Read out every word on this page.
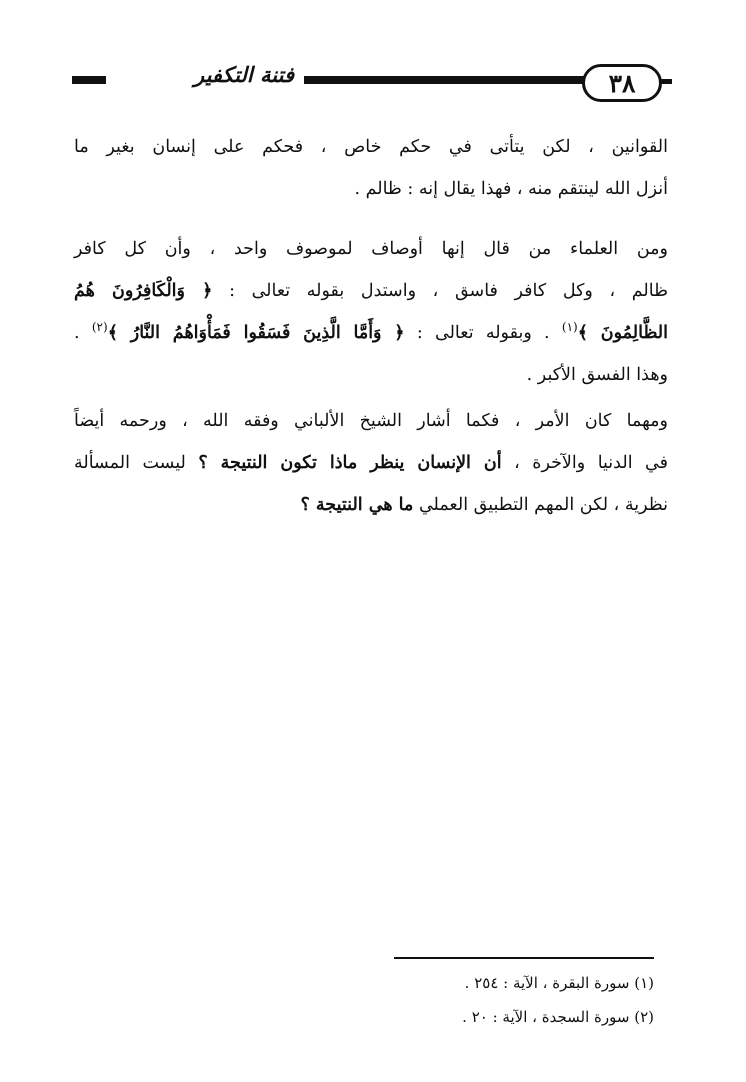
٣٨
فتنة التكفير
القوانين ، لكن يتأتى في حكم خاص ، فحكم على إنسان بغير ما
أنزل الله لينتقم منه ، فهذا يقال إنه : ظالم .
ومن العلماء من قال إنها أوصاف لموصوف واحد ، وأن كل كافر
ظالم ، وكل كافر فاسق ، واستدل بقوله تعالى : ﴿ وَالْكَافِرُونَ هُمُ
الظَّالِمُونَ ﴾$^{(١)}$ . وبقوله تعالى : ﴿ وَأَمَّا الَّذِينَ فَسَقُوا فَمَأْوَاهُمُ النَّارُ ﴾$^{(٢)}$ .
وهذا الفسق الأكبر .
ومهما كان الأمر ، فكما أشار الشيخ الألباني وفقه الله ، ورحمه أيضاً
في الدنيا والآخرة ، أن الإنسان ينظر ماذا تكون النتيجة ؟ ليست المسألة
نظرية ، لكن المهم التطبيق العملي ما هي النتيجة ؟
(١) سورة البقرة ، الآية : ٢٥٤ .
(٢) سورة السجدة ، الآية : ٢٠ .
